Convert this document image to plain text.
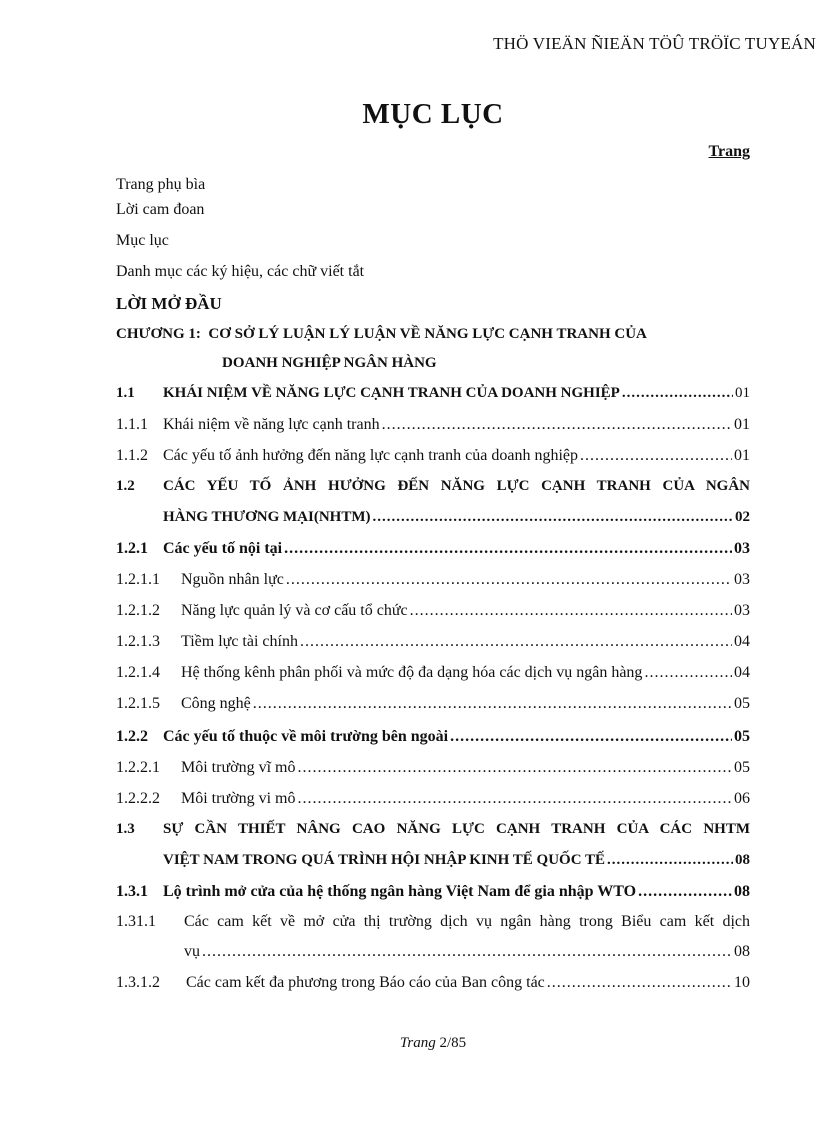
THÖ VIEÄN ÑIEÄN TÖÛ TRÖÏC TUYEÁN
MỤC LỤC
Trang
Trang phụ bìa
Lời cam đoan
Mục lục
Danh mục các ký hiệu, các chữ viết tắt
LỜI MỞ ĐẦU
CHƯƠNG 1: CƠ SỞ LÝ LUẬN LÝ LUẬN VỀ NĂNG LỰC CẠNH TRANH CỦA
DOANH NGHIỆP NGÂN HÀNG
1.1	KHÁI NIỆM VỀ NĂNG LỰC CẠNH TRANH CỦA DOANH NGHIỆP .....	01
1.1.1 Khái niệm về năng lực cạnh tranh .....	01
1.1.2 Các yếu tố ảnh hưởng đến năng lực cạnh tranh của doanh nghiệp .....	01
1.2 CÁC YẾU TỐ ẢNH HƯỞNG ĐẾN NĂNG LỰC CẠNH TRANH CỦA NGÂN
HÀNG THƯƠNG MẠI(NHTM) .....	02
1.2.1 Các yếu tố nội tại .....	03
1.2.1.1	Nguồn nhân lực .....	03
1.2.1.2	Năng lực quản lý và cơ cấu tổ chức .....	03
1.2.1.3	Tiềm lực tài chính .....	04
1.2.1.4	Hệ thống kênh phân phối và mức độ đa dạng hóa các dịch vụ ngân hàng .....	04
1.2.1.5	Công nghệ .....	05
1.2.2 Các yếu tố thuộc về môi trường bên ngoài .....	05
1.2.2.1	Môi trường vĩ mô .....	05
1.2.2.2	Môi trường vi mô .....	06
1.3 SỰ CẦN THIẾT NÂNG CAO NĂNG LỰC CẠNH TRANH CỦA CÁC NHTM
VIỆT NAM TRONG QUÁ TRÌNH HỘI NHẬP KINH TẾ QUỐC TẾ .....	08
1.3.1 Lộ trình mở cửa của hệ thống ngân hàng Việt Nam để gia nhập WTO .....	08
1.31.1 Các cam kết về mở cửa thị trường dịch vụ ngân hàng trong Biểu cam kết dịch
vụ .....	08
1.3.1.2	Các cam kết đa phương trong Báo cáo của Ban công tác .....	10
Trang 2/85
